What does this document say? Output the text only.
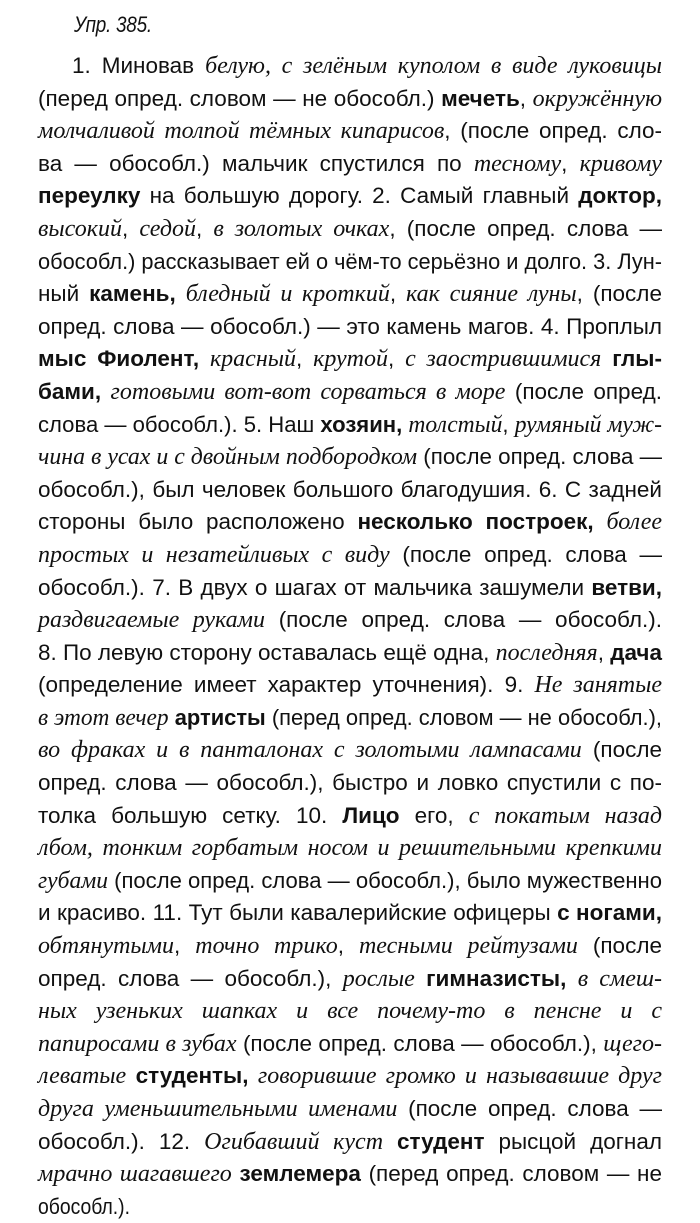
Упр. 385.
1. Миновав белую, с зелёным куполом в виде луковицы
(перед опред. словом — не обособл.) мечеть, окружённую
молчаливой толпой тёмных кипарисов, (после опред. сло-
ва — обособл.) мальчик спустился по тесному, кривому
переулку на большую дорогу. 2. Самый главный доктор,
высокий, седой, в золотых очках, (после опред. слова —
обособл.) рассказывает ей о чём-то серьёзно и долго. 3. Лун-
ный камень, бледный и кроткий, как сияние луны, (после
опред. слова — обособл.) — это камень магов. 4. Проплыл
мыс Фиолент, красный, крутой, с заострившимися глы-
бами, готовыми вот-вот сорваться в море (после опред.
слова — обособл.). 5. Наш хозяин, толстый, румяный муж-
чина в усах и с двойным подбородком (после опред. слова —
обособл.), был человек большого благодушия. 6. С задней
стороны было расположено несколько построек, более
простых и незатейливых с виду (после опред. слова —
обособл.). 7. В двух о шагах от мальчика зашумели ветви,
раздвигаемые руками (после опред. слова — обособл.).
8. По левую сторону оставалась ещё одна, последняя, дача
(определение имеет характер уточнения). 9. Не занятые
в этот вечер артисты (перед опред. словом — не обособл.),
во фраках и в панталонах с золотыми лампасами (после
опред. слова — обособл.), быстро и ловко спустили с по-
толка большую сетку. 10. Лицо его, с покатым назад
лбом, тонким горбатым носом и решительными крепкими
губами (после опред. слова — обособл.), было мужественно
и красиво. 11. Тут были кавалерийские офицеры с ногами,
обтянутыми, точно трико, тесными рейтузами (после
опред. слова — обособл.), рослые гимназисты, в смеш-
ных узеньких шапках и все почему-то в пенсне и с
папиросами в зубах (после опред. слова — обособл.), щего-
леватые студенты, говорившие громко и называвшие друг
друга уменьшительными именами (после опред. слова —
обособл.). 12. Огибавший куст студент рысцой догнал
мрачно шагавшего землемера (перед опред. словом — не
обособл.).
